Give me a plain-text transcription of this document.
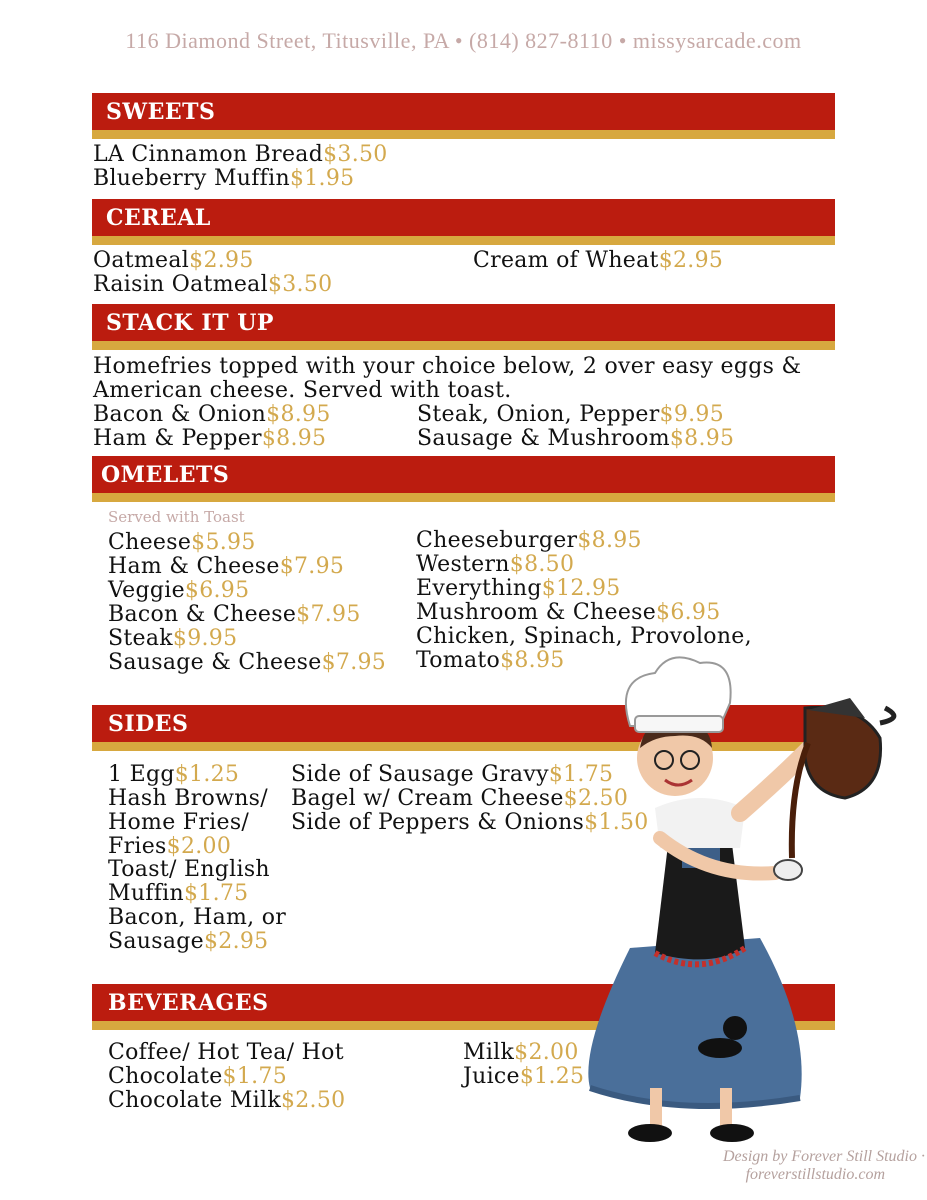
116 Diamond Street, Titusville, PA • (814) 827-8110 • missysarcade.com
SWEETS
LA Cinnamon Bread$3.50
Blueberry Muffin$1.95
CEREAL
Oatmeal$2.95
Raisin Oatmeal$3.50
Cream of Wheat$2.95
STACK IT UP
Homefries topped with your choice below, 2 over easy eggs &
American cheese. Served with toast.
Bacon & Onion$8.95
Ham & Pepper$8.95
Steak, Onion, Pepper$9.95
Sausage & Mushroom$8.95
OMELETS
Served with Toast
Cheese$5.95
Ham & Cheese$7.95
Veggie$6.95
Bacon & Cheese$7.95
Steak$9.95
Sausage & Cheese$7.95
Cheeseburger$8.95
Western$8.50
Everything$12.95
Mushroom & Cheese$6.95
Chicken, Spinach, Provolone,
Tomato$8.95
SIDES
1 Egg$1.25
Hash Browns/
Home Fries/
Fries$2.00
Toast/ English
Muffin$1.75
Bacon, Ham, or
Sausage$2.95
Side of Sausage Gravy$1.75
Bagel w/ Cream Cheese$2.50
Side of Peppers & Onions$1.50
BEVERAGES
Coffee/ Hot Tea/ Hot
Chocolate$1.75
Chocolate Milk$2.50
Milk$2.00
Juice$1.25
Design by Forever Still Studio ·
foreverstillstudio.com
